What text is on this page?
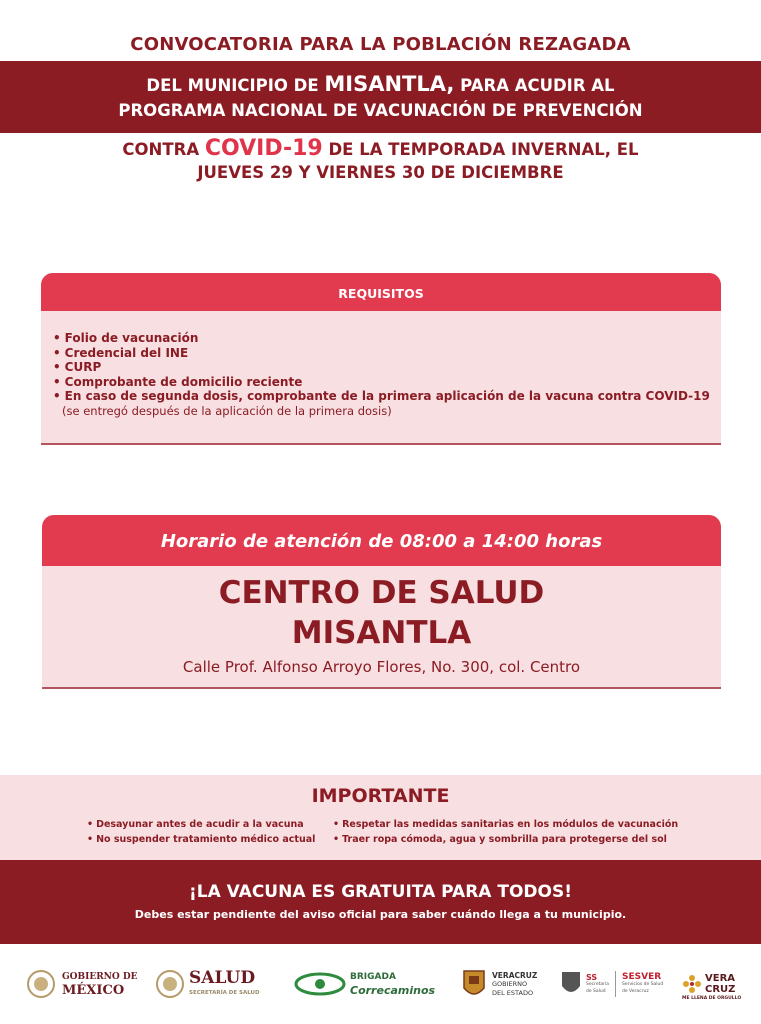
CONVOCATORIA PARA LA POBLACIÓN REZAGADA
DEL MUNICIPIO DE MISANTLA, PARA ACUDIR AL
PROGRAMA NACIONAL DE VACUNACIÓN DE PREVENCIÓN
CONTRA COVID-19 DE LA TEMPORADA INVERNAL, EL
JUEVES 29 Y VIERNES 30 DE DICIEMBRE
REQUISITOS
• Folio de vacunación
• Credencial del INE
• CURP
• Comprobante de domicilio reciente
• En caso de segunda dosis, comprobante de la primera aplicación de la vacuna contra COVID-19
(se entregó después de la aplicación de la primera dosis)
Horario de atención de 08:00 a 14:00 horas
CENTRO DE SALUD
MISANTLA
Calle Prof. Alfonso Arroyo Flores, No. 300, col. Centro
IMPORTANTE
• Desayunar antes de acudir a la vacuna
• No suspender tratamiento médico actual
• Respetar las medidas sanitarias en los módulos de vacunación
• Traer ropa cómoda, agua y sombrilla para protegerse del sol
¡LA VACUNA ES GRATUITA PARA TODOS!
Debes estar pendiente del aviso oficial para saber cuándo llega a tu municipio.
GOBIERNO DE
MÉXICO
SALUD
SECRETARÍA DE SALUD
BRIGADA
Correcaminos
VERACRUZ
GOBIERNO
DEL ESTADO
SS
Secretaría
de Salud
SESVER
Servicios de Salud
de Veracruz
VERA
CRUZ
ME LLENA DE ORGULLO
